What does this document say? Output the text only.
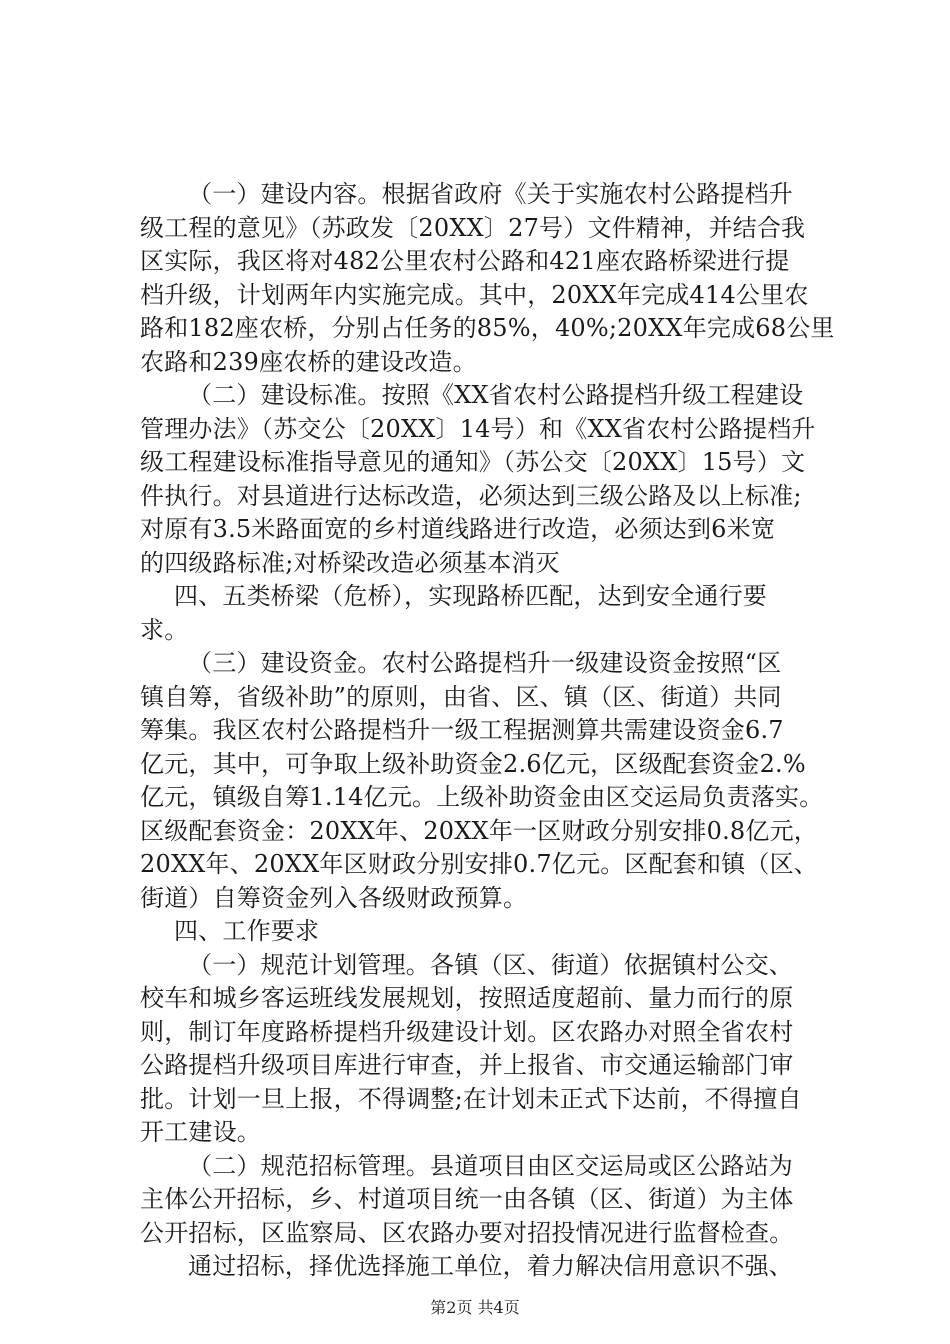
（一）建设内容。根据省政府《关于实施农村公路提档升
级工程的意见》（苏政发〔20XX〕27号）文件精神，并结合我
区实际，我区将对482公里农村公路和421座农路桥梁进行提
档升级，计划两年内实施完成。其中，20XX年完成414公里农
路和182座农桥，分别占任务的85%，40%;20XX年完成68公里
农路和239座农桥的建设改造。
（二）建设标准。按照《XX省农村公路提档升级工程建设
管理办法》（苏交公〔20XX〕14号）和《XX省农村公路提档升
级工程建设标准指导意见的通知》（苏公交〔20XX〕15号）文
件执行。对县道进行达标改造，必须达到三级公路及以上标准;
对原有3.5米路面宽的乡村道线路进行改造，必须达到6米宽
的四级路标准;对桥梁改造必须基本消灭
四、五类桥梁（危桥），实现路桥匹配，达到安全通行要
求。
（三）建设资金。农村公路提档升一级建设资金按照“区
镇自筹，省级补助”的原则，由省、区、镇（区、街道）共同
筹集。我区农村公路提档升一级工程据测算共需建设资金6.7
亿元，其中，可争取上级补助资金2.6亿元，区级配套资金2.%
亿元，镇级自筹1.14亿元。上级补助资金由区交运局负责落实。
区级配套资金：20XX年、20XX年一区财政分别安排0.8亿元，
20XX年、20XX年区财政分别安排0.7亿元。区配套和镇（区、
街道）自筹资金列入各级财政预算。
四、工作要求
（一）规范计划管理。各镇（区、街道）依据镇村公交、
校车和城乡客运班线发展规划，按照适度超前、量力而行的原
则，制订年度路桥提档升级建设计划。区农路办对照全省农村
公路提档升级项目库进行审查，并上报省、市交通运输部门审
批。计划一旦上报，不得调整;在计划未正式下达前，不得擅自
开工建设。
（二）规范招标管理。县道项目由区交运局或区公路站为
主体公开招标，乡、村道项目统一由各镇（区、街道）为主体
公开招标，区监察局、区农路办要对招投情况进行监督检查。
通过招标，择优选择施工单位，着力解决信用意识不强、
第2页 共4页
